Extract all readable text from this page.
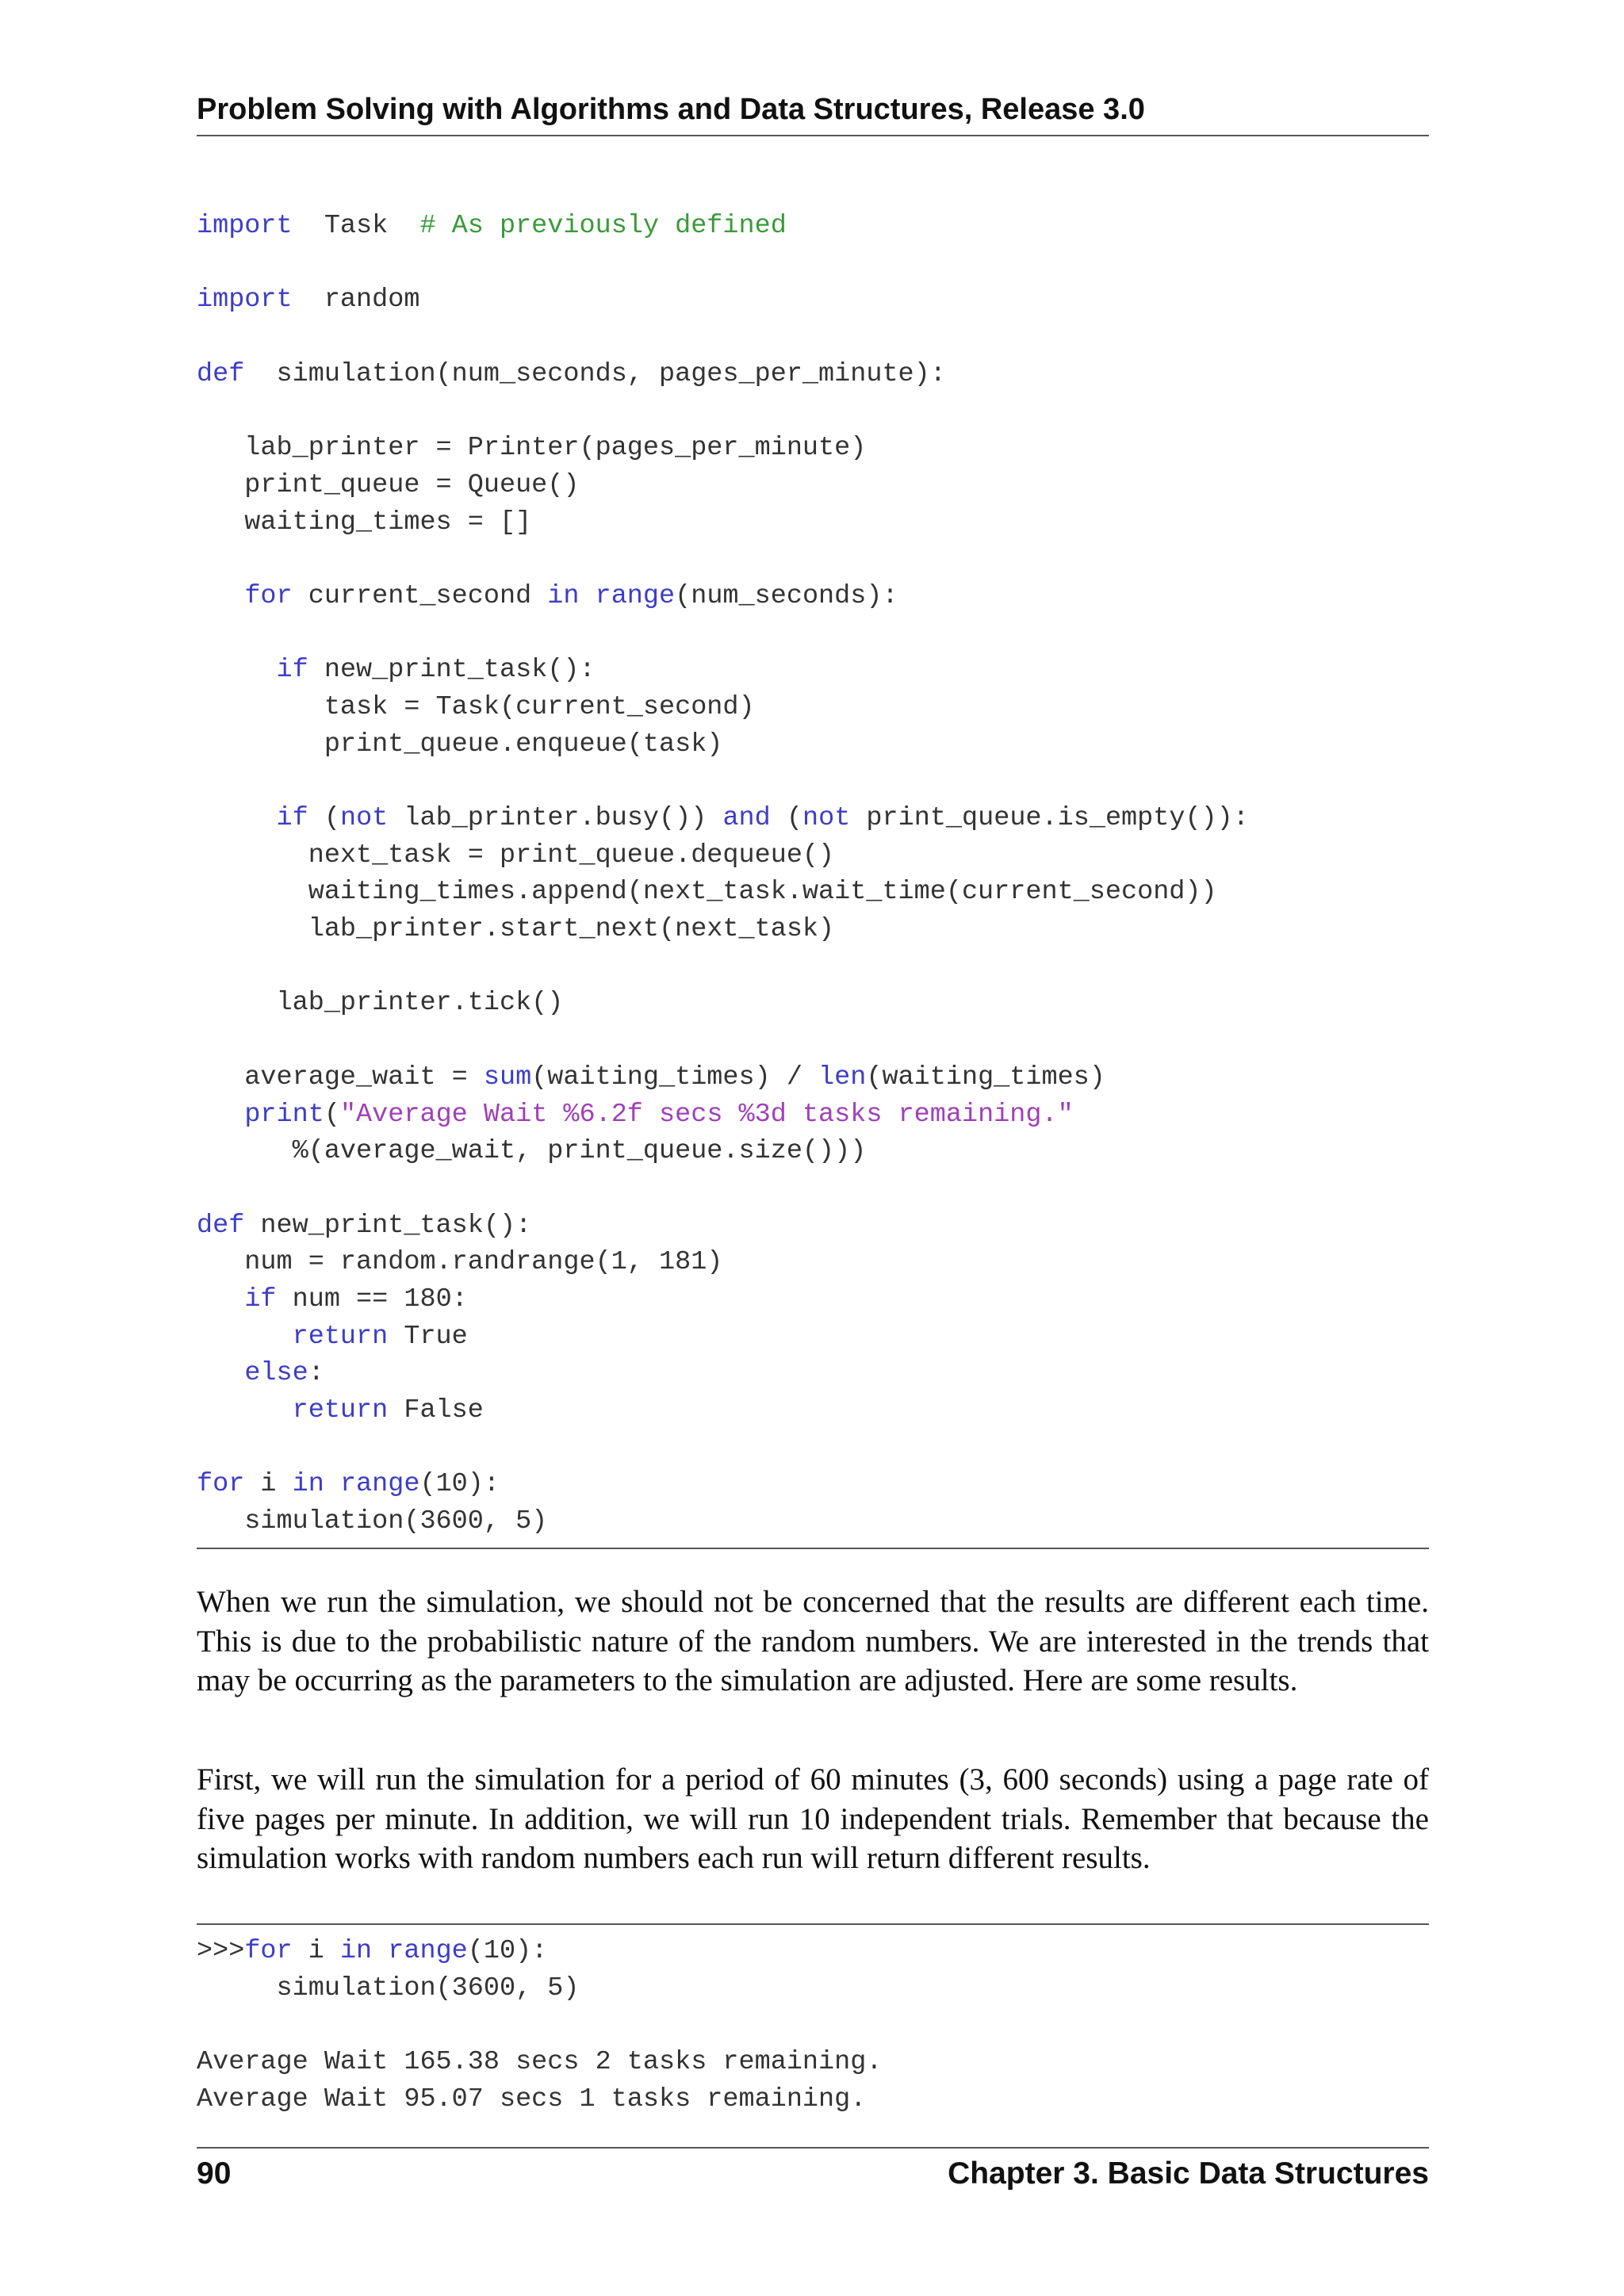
Problem Solving with Algorithms and Data Structures, Release 3.0
import  Task  # As previously defined
import  random
def  simulation(num_seconds, pages_per_minute):
lab_printer = Printer(pages_per_minute)
print_queue = Queue()
waiting_times = []
for current_second in range(num_seconds):
if new_print_task():
task = Task(current_second)
print_queue.enqueue(task)
if (not lab_printer.busy()) and (not print_queue.is_empty()):
next_task = print_queue.dequeue()
waiting_times.append(next_task.wait_time(current_second))
lab_printer.start_next(next_task)
lab_printer.tick()
average_wait = sum(waiting_times) / len(waiting_times)
print("Average Wait %6.2f secs %3d tasks remaining."
%(average_wait, print_queue.size()))
def new_print_task():
num = random.randrange(1, 181)
if num == 180:
return True
else:
return False
for i in range(10):
simulation(3600, 5)

When we run the simulation, we should not be concerned that the results are different each time. This is due to the probabilistic nature of the random numbers. We are interested in the trends that may be occurring as the parameters to the simulation are adjusted. Here are some results.

First, we will run the simulation for a period of 60 minutes (3, 600 seconds) using a page rate of five pages per minute. In addition, we will run 10 independent trials. Remember that because the simulation works with random numbers each run will return different results.

>>>for i in range(10):
simulation(3600, 5)
Average Wait 165.38 secs 2 tasks remaining.
Average Wait 95.07 secs 1 tasks remaining.
90	Chapter 3. Basic Data Structures
